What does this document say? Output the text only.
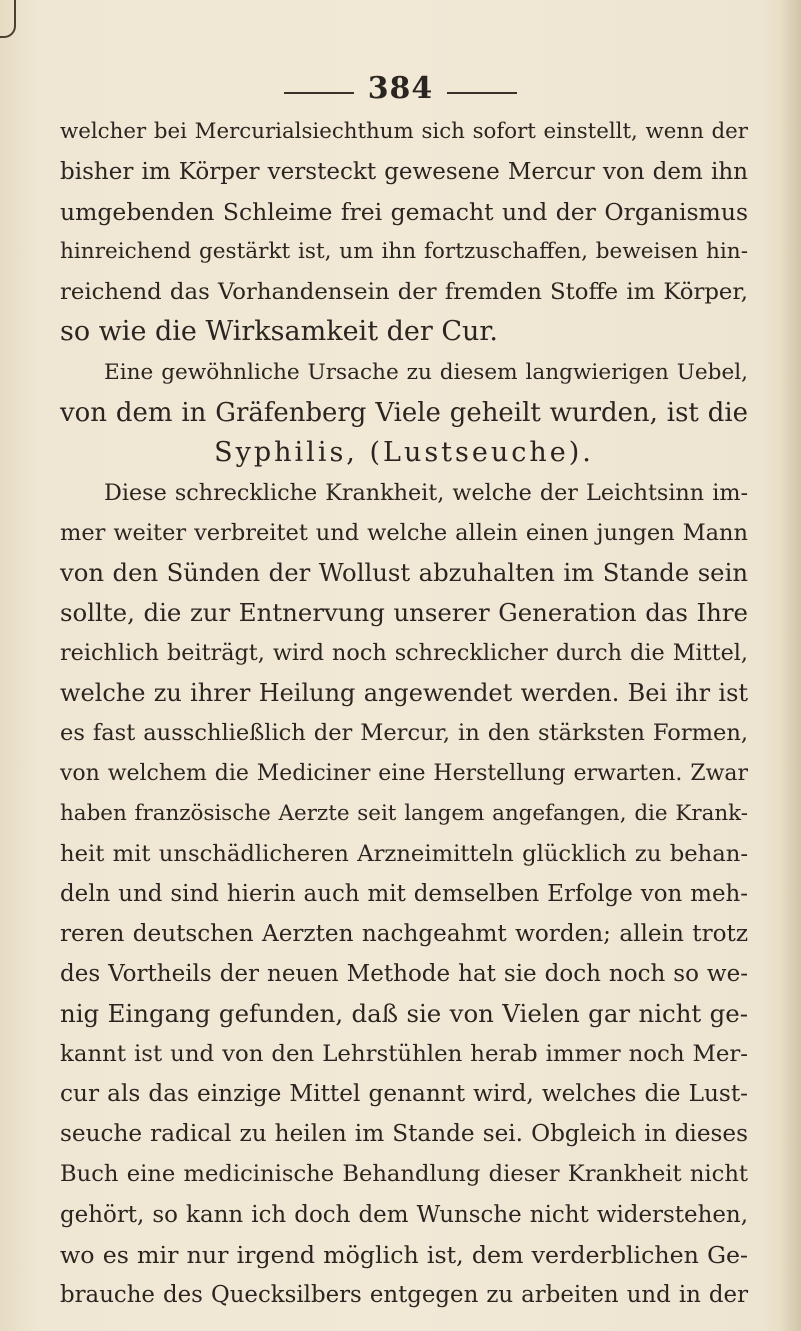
384
welcher bei Mercurialsiechthum sich sofort einstellt, wenn der
bisher im Körper versteckt gewesene Mercur von dem ihn
umgebenden Schleime frei gemacht und der Organismus
hinreichend gestärkt ist, um ihn fortzuschaffen, beweisen hin-
reichend das Vorhandensein der fremden Stoffe im Körper,
so wie die Wirksamkeit der Cur.
Eine gewöhnliche Ursache zu diesem langwierigen Uebel,
von dem in Gräfenberg Viele geheilt wurden, ist die
Syphilis, (Lustseuche).
Diese schreckliche Krankheit, welche der Leichtsinn im-
mer weiter verbreitet und welche allein einen jungen Mann
von den Sünden der Wollust abzuhalten im Stande sein
sollte, die zur Entnervung unserer Generation das Ihre
reichlich beiträgt, wird noch schrecklicher durch die Mittel,
welche zu ihrer Heilung angewendet werden. Bei ihr ist
es fast ausschließlich der Mercur, in den stärksten Formen,
von welchem die Mediciner eine Herstellung erwarten. Zwar
haben französische Aerzte seit langem angefangen, die Krank-
heit mit unschädlicheren Arzneimitteln glücklich zu behan-
deln und sind hierin auch mit demselben Erfolge von meh-
reren deutschen Aerzten nachgeahmt worden; allein trotz
des Vortheils der neuen Methode hat sie doch noch so we-
nig Eingang gefunden, daß sie von Vielen gar nicht ge-
kannt ist und von den Lehrstühlen herab immer noch Mer-
cur als das einzige Mittel genannt wird, welches die Lust-
seuche radical zu heilen im Stande sei. Obgleich in dieses
Buch eine medicinische Behandlung dieser Krankheit nicht
gehört, so kann ich doch dem Wunsche nicht widerstehen,
wo es mir nur irgend möglich ist, dem verderblichen Ge-
brauche des Quecksilbers entgegen zu arbeiten und in der
